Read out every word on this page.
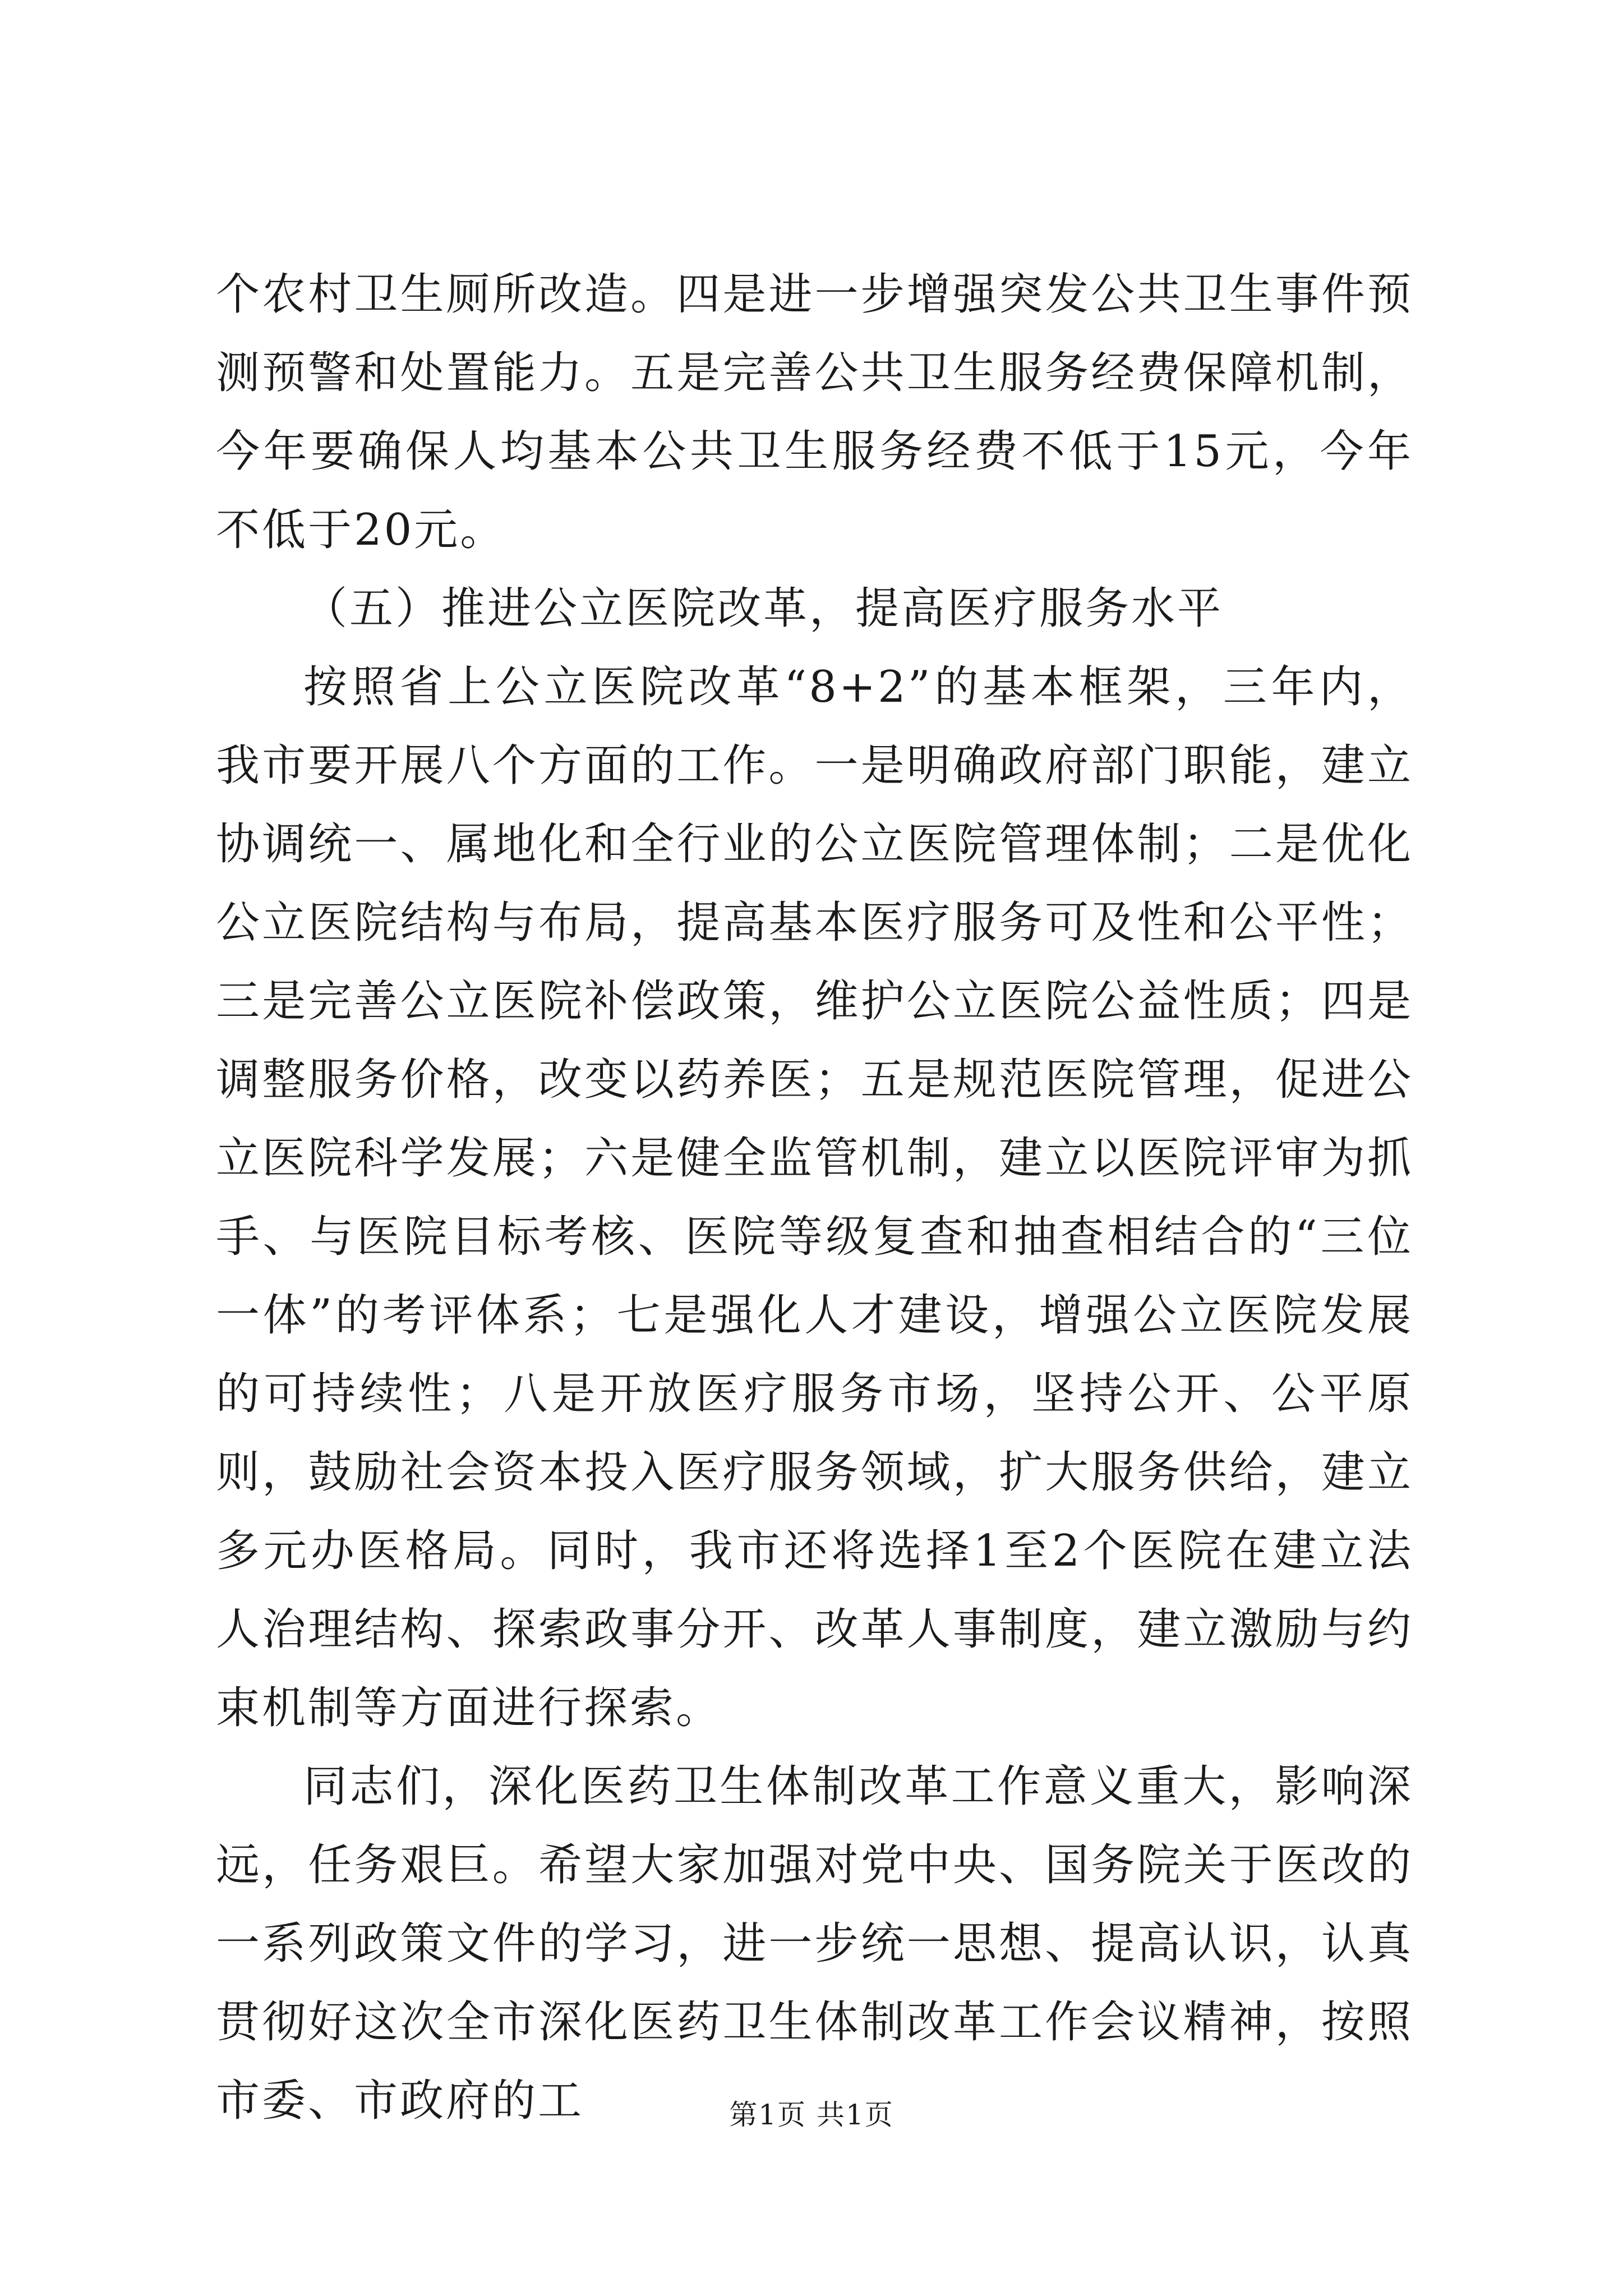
个农村卫生厕所改造。四是进一步增强突发公共卫生事件预测预警和处置能力。五是完善公共卫生服务经费保障机制，今年要确保人均基本公共卫生服务经费不低于15元，今年不低于20元。

（五）推进公立医院改革，提高医疗服务水平

按照省上公立医院改革“8+2”的基本框架，三年内，我市要开展八个方面的工作。一是明确政府部门职能，建立协调统一、属地化和全行业的公立医院管理体制；二是优化公立医院结构与布局，提高基本医疗服务可及性和公平性；三是完善公立医院补偿政策，维护公立医院公益性质；四是调整服务价格，改变以药养医；五是规范医院管理，促进公立医院科学发展；六是健全监管机制，建立以医院评审为抓手、与医院目标考核、医院等级复查和抽查相结合的“三位一体”的考评体系；七是强化人才建设，增强公立医院发展的可持续性；八是开放医疗服务市场，坚持公开、公平原则，鼓励社会资本投入医疗服务领域，扩大服务供给，建立多元办医格局。同时，我市还将选择1至2个医院在建立法人治理结构、探索政事分开、改革人事制度，建立激励与约束机制等方面进行探索。

同志们，深化医药卫生体制改革工作意义重大，影响深远，任务艰巨。希望大家加强对党中央、国务院关于医改的一系列政策文件的学习，进一步统一思想、提高认识，认真贯彻好这次全市深化医药卫生体制改革工作会议精神，按照市委、市政府的工	第1页 共1页
